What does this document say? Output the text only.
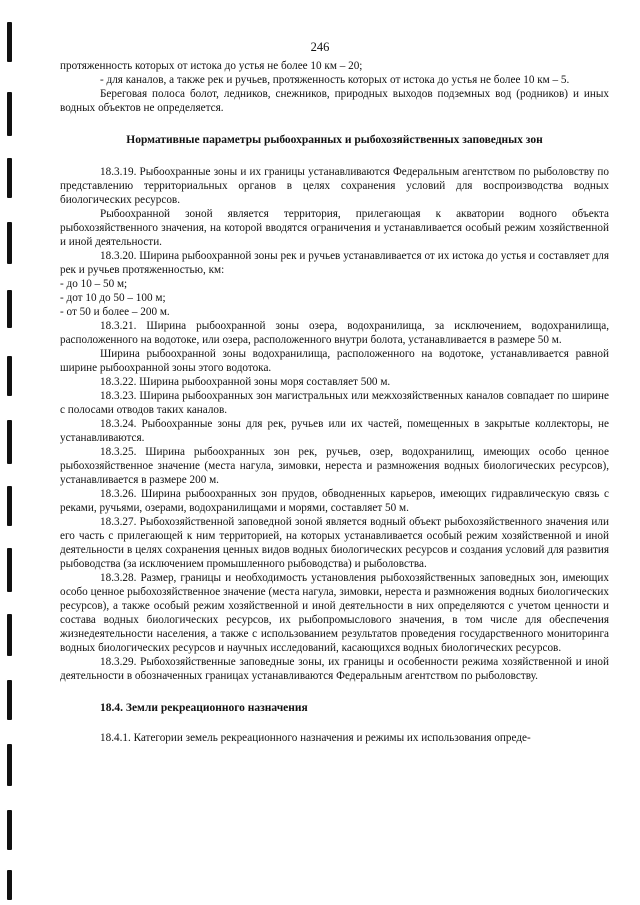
246

протяженность которых от истока до устья не более 10 км – 20;

- для каналов, а также рек и ручьев, протяженность которых от истока до устья не более 10 км – 5.

Береговая полоса болот, ледников, снежников, природных выходов подземных вод (родников) и иных водных объектов не определяется.

Нормативные параметры рыбоохранных и рыбохозяйственных заповедных зон

18.3.19. Рыбоохранные зоны и их границы устанавливаются Федеральным агентством по рыболовству по представлению территориальных органов в целях сохранения условий для воспроизводства водных биологических ресурсов.

Рыбоохранной зоной является территория, прилегающая к акватории водного объекта рыбохозяйственного значения, на которой вводятся ограничения и устанавливается особый режим хозяйственной и иной деятельности.

18.3.20. Ширина рыбоохранной зоны рек и ручьев устанавливается от их истока до устья и составляет для рек и ручьев протяженностью, км:

- до 10 – 50 м;

- дот 10 до 50 – 100 м;

- от 50 и более – 200 м.

18.3.21. Ширина рыбоохранной зоны озера, водохранилища, за исключением, водохранилища, расположенного на водотоке, или озера, расположенного внутри болота, устанавливается в размере 50 м.

Ширина рыбоохранной зоны водохранилища, расположенного на водотоке, устанавливается равной ширине рыбоохранной зоны этого водотока.

18.3.22. Ширина рыбоохранной зоны моря составляет 500 м.

18.3.23. Ширина рыбоохранных зон магистральных или межхозяйственных каналов совпадает по ширине с полосами отводов таких каналов.

18.3.24. Рыбоохранные зоны для рек, ручьев или их частей, помещенных в закрытые коллекторы, не устанавливаются.

18.3.25. Ширина рыбоохранных зон рек, ручьев, озер, водохранилищ, имеющих особо ценное рыбохозяйственное значение (места нагула, зимовки, нереста и размножения водных биологических ресурсов), устанавливается в размере 200 м.

18.3.26. Ширина рыбоохранных зон прудов, обводненных карьеров, имеющих гидравлическую связь с реками, ручьями, озерами, водохранилищами и морями, составляет 50 м.

18.3.27. Рыбохозяйственной заповедной зоной является водный объект рыбохозяйственного значения или его часть с прилегающей к ним территорией, на которых устанавливается особый режим хозяйственной и иной деятельности в целях сохранения ценных видов водных биологических ресурсов и создания условий для развития рыбоводства (за исключением промышленного рыбоводства) и рыболовства.

18.3.28. Размер, границы и необходимость установления рыбохозяйственных заповедных зон, имеющих особо ценное рыбохозяйственное значение (места нагула, зимовки, нереста и размножения водных биологических ресурсов), а также особый режим хозяйственной и иной деятельности в них определяются с учетом ценности и состава водных биологических ресурсов, их рыбопромыслового значения, в том числе для обеспечения жизнедеятельности населения, а также с использованием результатов проведения государственного мониторинга водных биологических ресурсов и научных исследований, касающихся водных биологических ресурсов.

18.3.29. Рыбохозяйственные заповедные зоны, их границы и особенности режима хозяйственной и иной деятельности в обозначенных границах устанавливаются Федеральным агентством по рыболовству.

18.4. Земли рекреационного назначения

18.4.1. Категории земель рекреационного назначения и режимы их использования опреде-
